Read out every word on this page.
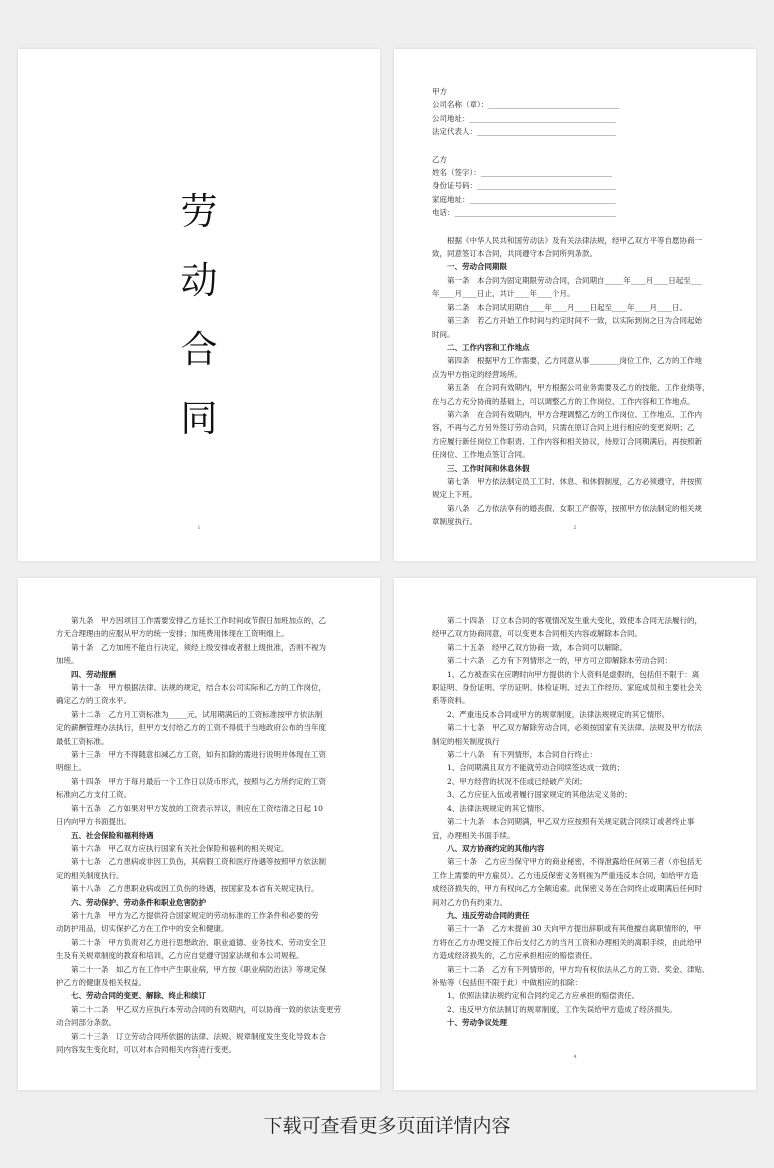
劳
动
合
同
1
甲方
公司名称（章）：___________________________________
公司地址：_______________________________________
法定代表人：_____________________________________
乙方
姓名（签字）：___________________________________
身份证号码：_____________________________________
家庭地址：_______________________________________
电话：___________________________________________
根据《中华人民共和国劳动法》及有关法律法规，经甲乙双方平等自愿协商一
致，同意签订本合同，共同遵守本合同所列条款。
一、劳动合同期限
第一条　本合同为固定期限劳动合同，合同期自_____年____月____日起至___
年____月____日止，共计____年____个月。
第二条　本合同试用期自____年____月____日起至____年____月____日。
第三条　若乙方开始工作时间与约定时间不一致，以实际到岗之日为合同起始
时间。
二、工作内容和工作地点
第四条　根据甲方工作需要，乙方同意从事________岗位工作，乙方的工作地
点为甲方指定的经营场所。
第五条　在合同有效期内，甲方根据公司业务需要及乙方的技能、工作业绩等，
在与乙方充分协商的基础上，可以调整乙方的工作岗位、工作内容和工作地点。
第六条　在合同有效期内，甲方合理调整乙方的工作岗位、工作地点、工作内
容，不再与乙方另外签订劳动合同，只需在原订合同上进行相应的变更说明；乙
方应履行新任岗位工作职责、工作内容和相关协议，待原订合同期满后，再按照新
任岗位、工作地点签订合同。
三、工作时间和休息休假
第七条　甲方依法制定员工工时、休息、和休假制度，乙方必须遵守，并按照
规定上下班。
第八条　乙方依法享有的婚丧假、女职工产假等，按照甲方依法制定的相关规
章制度执行。
2
第九条　甲方因项目工作需要安排乙方延长工作时间或节假日加班加点的，乙
方无合理理由的应服从甲方的统一安排；加班费用体现在工资明细上。
第十条　乙方加班不能自行决定，须经上级安排或者报上级批准，否则不视为
加班。
四、劳动报酬
第十一条　甲方根据法律、法规的规定，结合本公司实际和乙方的工作岗位，
确定乙方的工资水平。
第十二条　乙方月工资标准为_____元，试用期满后的工资标准按甲方依法制
定的薪酬管理办法执行，但甲方支付给乙方的工资不得低于当地政府公布的当年度
最低工资标准。
第十三条　甲方不得随意扣减乙方工资，如有扣除的需进行说明并体现在工资
明细上。
第十四条　甲方于每月最后一个工作日以货币形式，按照与乙方所约定的工资
标准向乙方支付工资。
第十五条　乙方如果对甲方发放的工资表示异议，则应在工资结清之日起 10
日内向甲方书面提出。
五、社会保险和福利待遇
第十六条　甲乙双方应执行国家有关社会保险和福利的相关规定。
第十七条　乙方患病或非因工负伤，其病假工资和医疗待遇等按照甲方依法制
定的相关制度执行。
第十八条　乙方患职业病或因工负伤的待遇，按国家及本省有关规定执行。
六、劳动保护、劳动条件和职业危害防护
第十九条　甲方为乙方提供符合国家规定的劳动标准的工作条件和必要的劳
动防护用品，切实保护乙方在工作中的安全和健康。
第二十条　甲方负责对乙方进行思想政治、职业道德、业务技术、劳动安全卫
生及有关规章制度的教育和培训，乙方应自觉遵守国家法规和本公司规程。
第二十一条　如乙方在工作中产生职业病，甲方按《职业病防治法》等规定保
护乙方的健康及相关权益。
七、劳动合同的变更、解除、终止和续订
第二十二条　甲乙双方应执行本劳动合同的有效期内，可以协商一致的依法变更劳
动合同部分条款。
第二十三条　订立劳动合同所依据的法律、法规、规章制度发生变化导致本合
同内容发生变化时，可以对本合同相关内容进行变更。
3
第二十四条　订立本合同的客观情况发生重大变化，致使本合同无法履行的，
经甲乙双方协商同意，可以变更本合同相关内容或解除本合同。
第二十五条　经甲乙双方协商一致，本合同可以解除。
第二十六条　乙方有下列情形之一的，甲方可立即解除本劳动合同：
1、乙方被查实在应聘时向甲方提供的个人资料是虚假的，包括但不限于：离
职证明、身份证明、学历证明、体检证明、过去工作经历、家庭成员和主要社会关
系等资料。
2、严重违反本合同或甲方的规章制度，法律法规规定的其它情形。
第二十七条　甲乙双方解除劳动合同，必须按国家有关法律、法规及甲方依法
制定的相关制度执行
第二十八条　有下列情形，本合同自行终止：
1、合同期满且双方不能就劳动合同续签达成一致的；
2、甲方经营的状况不佳或已经破产关闭；
3、乙方应征入伍或者履行国家规定的其他法定义务的；
4、法律法规规定的其它情形。
第二十九条　本合同期满，甲乙双方应按照有关规定就合同续订或者终止事
宜，办理相关书面手续。
八、双方协商约定的其他内容
第三十条　乙方应当保守甲方的商业秘密，不得泄露给任何第三者（亦包括无
工作上需要的甲方雇员）。乙方违反保密义务则视为严重违反本合同，如给甲方造
成经济损失的，甲方有权向乙方全额追索。此保密义务在合同终止或期满后任何时
间对乙方仍有约束力。
九、违反劳动合同的责任
第三十一条　乙方未提前 30 天向甲方提出辞职或有其他擅自离职情形的，甲
方将在乙方办理交接工作后支付乙方的当月工资和办理相关的离职手续，由此给甲
方造成经济损失的，乙方应承担相应的赔偿责任。
第三十二条　乙方有下列情形的，甲方均有权依法从乙方的工资、奖金、津贴、
补贴等（包括但不限于此）中做相应的扣除：
1、依照法律法规约定和合同约定乙方应承担的赔偿责任。
2、违反甲方依法制订的规章制度，工作失误给甲方造成了经济损失。
十、劳动争议处理
4
下载可查看更多页面详情内容
